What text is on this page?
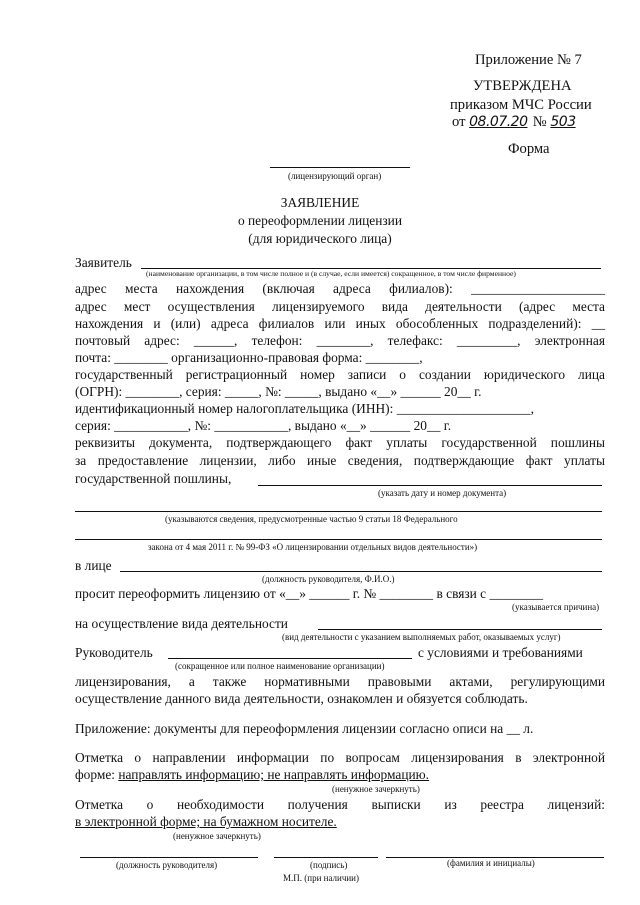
Приложение № 7
УТВЕРЖДЕНА
приказом МЧС России
от 08.07.20 № 503
Форма
(лицензирующий орган)
ЗАЯВЛЕНИЕ
о переоформлении лицензии
(для юридического лица)
Заявитель
(наименование организации, в том числе полное и (в случае, если имеется) сокращенное, в том числе фирменное)
адрес места нахождения (включая адреса филиалов): ____________________
адрес мест осуществления лицензируемого вида деятельности (адрес места
нахождения и (или) адреса филиалов или иных обособленных подразделений): __
почтовый адрес: ______, телефон: ________, телефакс: _________, электронная
почта: ________ организационно-правовая форма: ________,
государственный регистрационный номер записи о создании юридического лица
(ОГРН): ________, серия: _____, №: _____, выдано «__» ______ 20__ г.
идентификационный номер налогоплательщика (ИНН): ____________________,
серия: ___________, №: ___________, выдано «__» ______ 20__ г.
реквизиты документа, подтверждающего факт уплаты государственной пошлины
за предоставление лицензии, либо иные сведения, подтверждающие факт уплаты
государственной пошлины,
(указать дату и номер документа)
(указываются сведения, предусмотренные частью 9 статьи 18 Федерального
закона от 4 мая 2011 г. № 99-ФЗ «О лицензировании отдельных видов деятельности»)
в лице
(должность руководителя, Ф.И.О.)
просит переоформить лицензию от «__» ______ г. № ________ в связи с ________
(указывается причина)
на осуществление вида деятельности
(вид деятельности с указанием выполняемых работ, оказываемых услуг)
Руководитель	с условиями и требованиями
(сокращенное или полное наименование организации)
лицензирования, а также нормативными правовыми актами, регулирующими
осуществление данного вида деятельности, ознакомлен и обязуется соблюдать.
Приложение: документы для переоформления лицензии согласно описи на __ л.
Отметка о направлении информации по вопросам лицензирования в электронной
форме: направлять информацию; не направлять информацию.
(ненужное зачеркнуть)
Отметка о необходимости получения выписки из реестра лицензий:
в электронной форме; на бумажном носителе.
(ненужное зачеркнуть)
(должность руководителя)	(подпись)	(фамилия и инициалы)
М.П. (при наличии)
